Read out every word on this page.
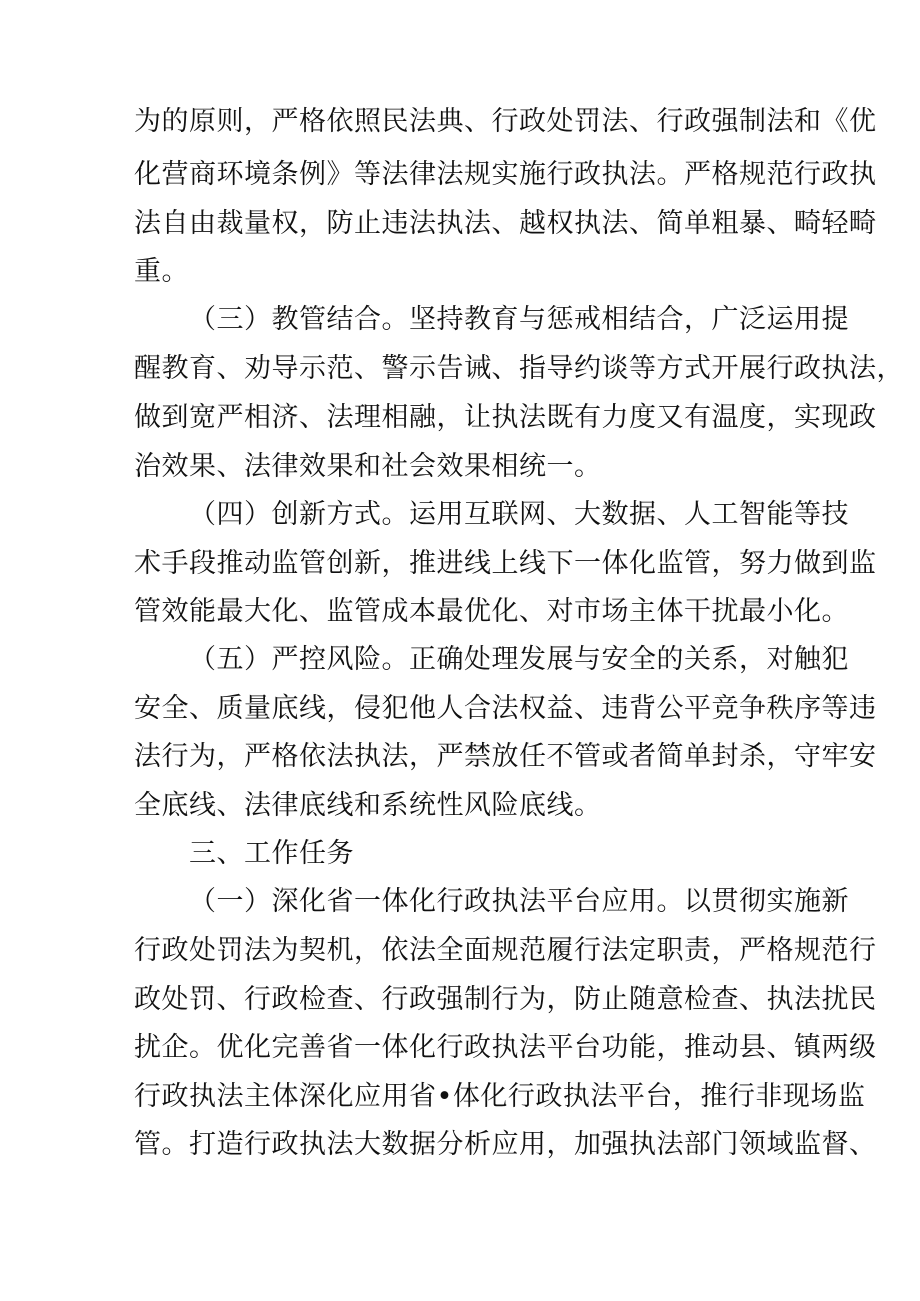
为的原则，严格依照民法典、行政处罚法、行政强制法和《优
化营商环境条例》等法律法规实施行政执法。严格规范行政执
法自由裁量权，防止违法执法、越权执法、简单粗暴、畸轻畸
重。
（三）教管结合。坚持教育与惩戒相结合，广泛运用提
醒教育、劝导示范、警示告诫、指导约谈等方式开展行政执法，
做到宽严相济、法理相融，让执法既有力度又有温度，实现政
治效果、法律效果和社会效果相统一。
（四）创新方式。运用互联网、大数据、人工智能等技
术手段推动监管创新，推进线上线下一体化监管，努力做到监
管效能最大化、监管成本最优化、对市场主体干扰最小化。
（五）严控风险。正确处理发展与安全的关系，对触犯
安全、质量底线，侵犯他人合法权益、违背公平竞争秩序等违
法行为，严格依法执法，严禁放任不管或者简单封杀，守牢安
全底线、法律底线和系统性风险底线。
三、工作任务
（一）深化省一体化行政执法平台应用。以贯彻实施新
行政处罚法为契机，依法全面规范履行法定职责，严格规范行
政处罚、行政检查、行政强制行为，防止随意检查、执法扰民
扰企。优化完善省一体化行政执法平台功能，推动县、镇两级
行政执法主体深化应用省•体化行政执法平台，推行非现场监
管。打造行政执法大数据分析应用，加强执法部门领域监督、
